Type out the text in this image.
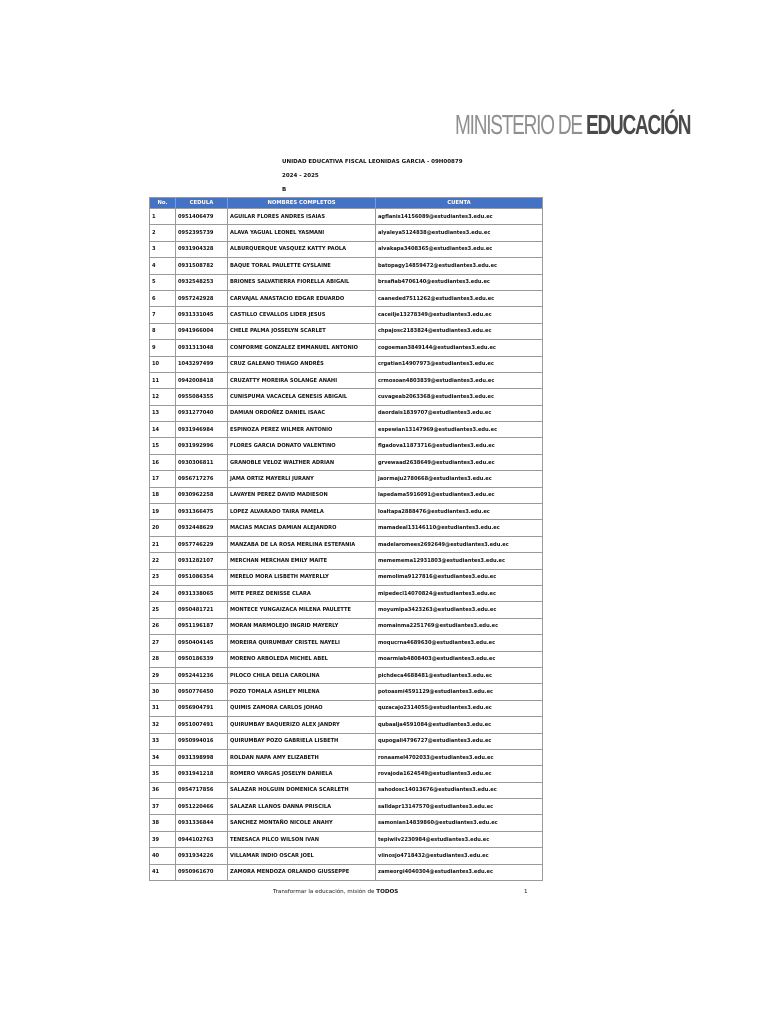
MINISTERIO DE EDUCACIÓN
UNIDAD EDUCATIVA FISCAL LEONIDAS GARCIA - 09H00879
2024 - 2025
B
No.	CEDULA	NOMBRES COMPLETOS	CUENTA
1	0951406479	AGUILAR FLORES ANDRES ISAIAS	agflanis14156089@estudiantes3.edu.ec
2	0952395739	ALAVA YAGUAL LEONEL YASMANI	alyaleya5124838@estudiantes3.edu.ec
3	0931904328	ALBURQUERQUE VASQUEZ KATTY PAOLA	alvakapa3408365@estudiantes3.edu.ec
4	0931508782	BAQUE TORAL PAULETTE GYSLAINE	batopagy14859472@estudiantes3.edu.ec
5	0932548253	BRIONES SALVATIERRA FIORELLA ABIGAIL	brsafiab4706140@estudiantes3.edu.ec
6	0957242928	CARVAJAL ANASTACIO EDGAR EDUARDO	caaneded7511262@estudiantes3.edu.ec
7	0931331045	CASTILLO CEVALLOS LIDER JESUS	caceilje13278349@estudiantes3.edu.ec
8	0941966004	CHELE PALMA JOSSELYN SCARLET	chpajosc2183824@estudiantes3.edu.ec
9	0931313048	CONFORME GONZALEZ EMMANUEL ANTONIO	cogoeman3849144@estudiantes3.edu.ec
10	1043297499	CRUZ GALEANO THIAGO ANDRÉS	crgatian14907973@estudiantes3.edu.ec
11	0942008418	CRUZATTY MOREIRA SOLANGE ANAHI	crmosoan4803839@estudiantes3.edu.ec
12	0955084355	CUNISPUMA VACACELA GENESIS ABIGAIL	cuvageab2063368@estudiantes3.edu.ec
13	0931277040	DAMIAN ORDOÑEZ DANIEL ISAAC	daordais1839707@estudiantes3.edu.ec
14	0931946984	ESPINOZA PEREZ WILMER ANTONIO	espewian13147969@estudiantes3.edu.ec
15	0931992996	FLORES GARCIA DONATO VALENTINO	flgadova11873716@estudiantes3.edu.ec
16	0930306811	GRANOBLE VELOZ WALTHER ADRIAN	grvewaad2638649@estudiantes3.edu.ec
17	0956717276	JAMA ORTIZ MAYERLI JURANY	jaormaju2780668@estudiantes3.edu.ec
18	0930962258	LAVAYEN PEREZ DAVID MADIESON	lapedama5916091@estudiantes3.edu.ec
19	0931366475	LOPEZ ALVARADO TAIRA PAMELA	loaltapa2888476@estudiantes3.edu.ec
20	0932448629	MACIAS MACIAS DAMIAN ALEJANDRO	mamadeal13146110@estudiantes3.edu.ec
21	0957746229	MANZABA DE LA ROSA MERLINA ESTEFANIA	madelaromees2692649@estudiantes3.edu.ec
22	0931282107	MERCHAN MERCHAN EMILY MAITE	mememema12931803@estudiantes3.edu.ec
23	0951086354	MERELO MORA LISBETH MAYERLLY	memolima9127816@estudiantes3.edu.ec
24	0931338065	MITE PEREZ DENISSE CLARA	mipedecl14070824@estudiantes3.edu.ec
25	0950481721	MONTECE YUNGAIZACA MILENA PAULETTE	moyumipa3423263@estudiantes3.edu.ec
26	0951196187	MORAN MARMOLEJO INGRID MAYERLY	momainma2251769@estudiantes3.edu.ec
27	0950404145	MOREIRA QUIRUMBAY CRISTEL NAYELI	moqucrna4689630@estudiantes3.edu.ec
28	0950186339	MORENO ARBOLEDA MICHEL ABEL	moarmiab4808403@estudiantes3.edu.ec
29	0952441236	PILOCO CHILA DELIA CAROLINA	pichdeca4688481@estudiantes3.edu.ec
30	0950776450	POZO TOMALA ASHLEY MILENA	potoasmi4591129@estudiantes3.edu.ec
31	0956904791	QUIMIS ZAMORA CARLOS JOHAO	quzacajo2314055@estudiantes3.edu.ec
32	0951007491	QUIRUMBAY BAQUERIZO ALEX JANDRY	qubaalja4591084@estudiantes3.edu.ec
33	0950994016	QUIRUMBAY POZO GABRIELA LISBETH	qupogali4796727@estudiantes3.edu.ec
34	0931398998	ROLDAN NAPA AMY ELIZABETH	ronaamel4702033@estudiantes3.edu.ec
35	0931941218	ROMERO VARGAS JOSELYN DANIELA	rovajoda1624549@estudiantes3.edu.ec
36	0954717856	SALAZAR HOLGUIN DOMENICA SCARLETH	sahodosc14013676@estudiantes3.edu.ec
37	0951220466	SALAZAR LLANOS DANNA PRISCILA	salldapr13147570@estudiantes3.edu.ec
38	0931336844	SANCHEZ MONTAÑO NICOLE ANAHY	samonian14839860@estudiantes3.edu.ec
39	0944102763	TENESACA PILCO WILSON IVAN	tepiwiiv2230984@estudiantes3.edu.ec
40	0931934226	VILLAMAR INDIO OSCAR JOEL	viinosjo4718432@estudiantes3.edu.ec
41	0950961670	ZAMORA MENDOZA ORLANDO GIUSSEPPE	zameorgi4040304@estudiantes3.edu.ec
Transformar la educación, misión de TODOS	1
